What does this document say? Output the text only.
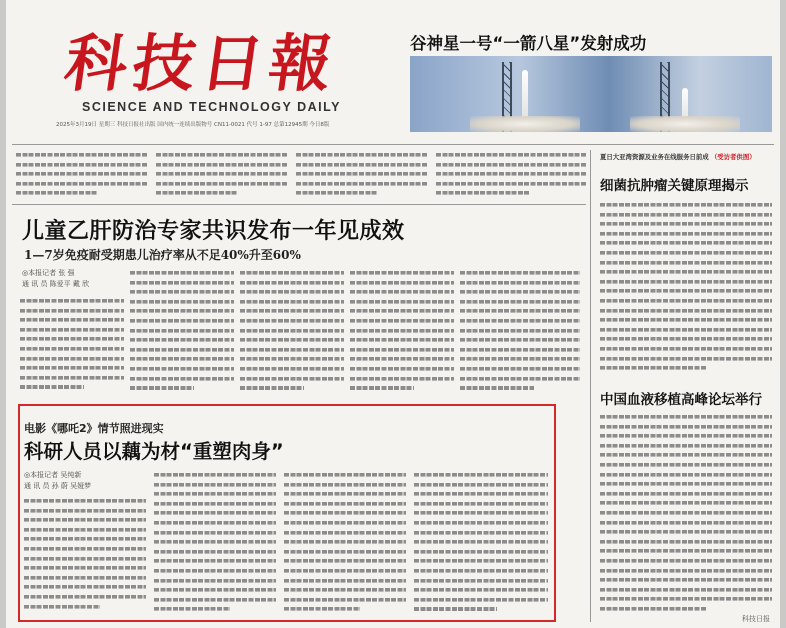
科技日報
SCIENCE AND TECHNOLOGY DAILY
2025年3月19日 星期三 科技日报社出版 国内统一连续出版物号 CN11-0021 代号 1-97 总第12945期 今日8版
谷神星一号“一箭八星”发射成功
夏日大亚湾资源及业务在线服务日前成 （受访者供图）
儿童乙肝防治专家共识发布一年见成效
1—7岁免疫耐受期患儿治疗率从不足40%升至60%
◎本报记者 张 强
通 讯 员 陈爱平 戴 欣
细菌抗肿瘤关键原理揭示
中国血液移植高峰论坛举行
电影《哪吒2》情节照进现实
科研人员以藕为材“重塑肉身”
◎本报记者 吴纯新
通 讯 员 孙 蔚 吴娅梦
科技日报
